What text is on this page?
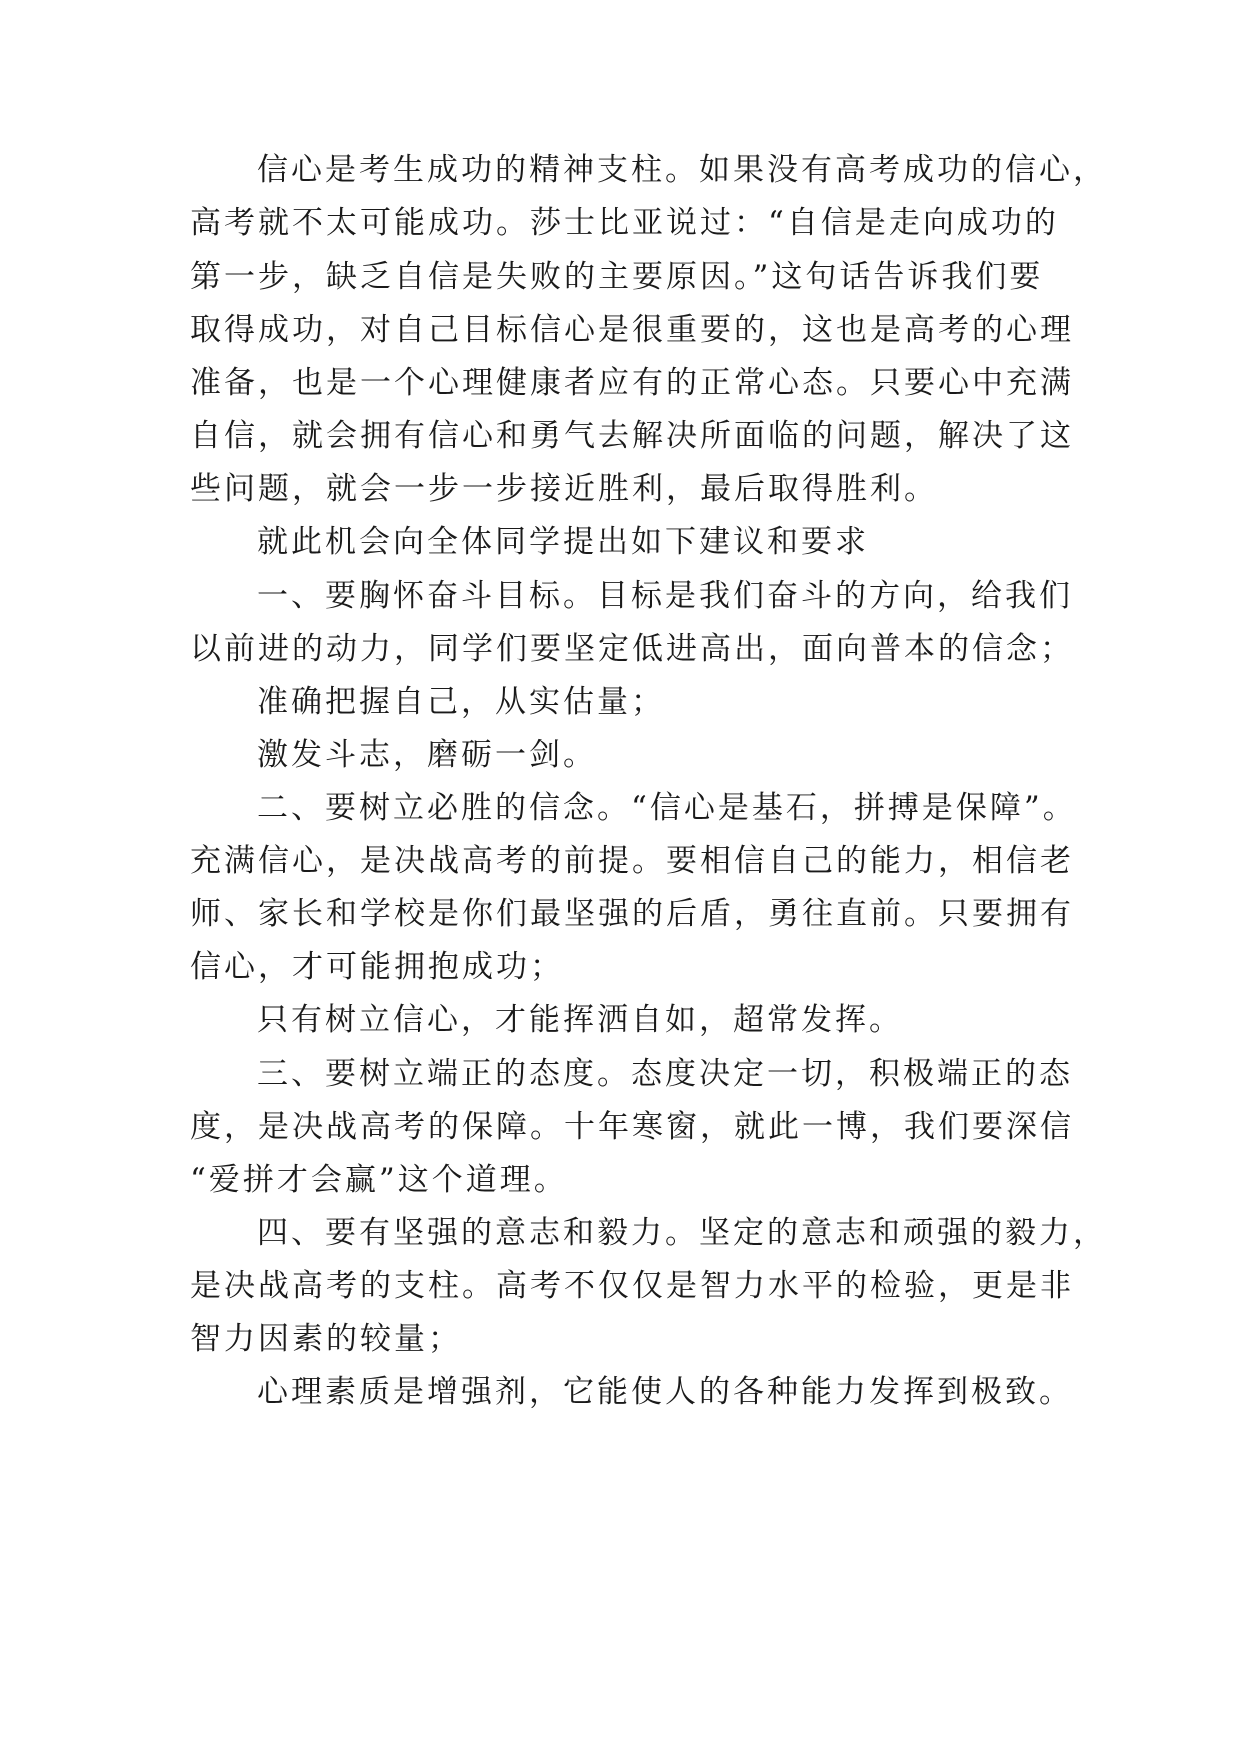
信心是考生成功的精神支柱。如果没有高考成功的信心，
高考就不太可能成功。莎士比亚说过：“自信是走向成功的
第一步，缺乏自信是失败的主要原因。”这句话告诉我们要
取得成功，对自己目标信心是很重要的，这也是高考的心理
准备，也是一个心理健康者应有的正常心态。只要心中充满
自信，就会拥有信心和勇气去解决所面临的问题，解决了这
些问题，就会一步一步接近胜利，最后取得胜利。
就此机会向全体同学提出如下建议和要求
一、要胸怀奋斗目标。目标是我们奋斗的方向，给我们
以前进的动力，同学们要坚定低进高出，面向普本的信念；
准确把握自己，从实估量；
激发斗志，磨砺一剑。
二、要树立必胜的信念。“信心是基石，拼搏是保障”。
充满信心，是决战高考的前提。要相信自己的能力，相信老
师、家长和学校是你们最坚强的后盾，勇往直前。只要拥有
信心，才可能拥抱成功；
只有树立信心，才能挥洒自如，超常发挥。
三、要树立端正的态度。态度决定一切，积极端正的态
度，是决战高考的保障。十年寒窗，就此一博，我们要深信
“爱拼才会赢”这个道理。
四、要有坚强的意志和毅力。坚定的意志和顽强的毅力，
是决战高考的支柱。高考不仅仅是智力水平的检验，更是非
智力因素的较量；
心理素质是增强剂，它能使人的各种能力发挥到极致。
